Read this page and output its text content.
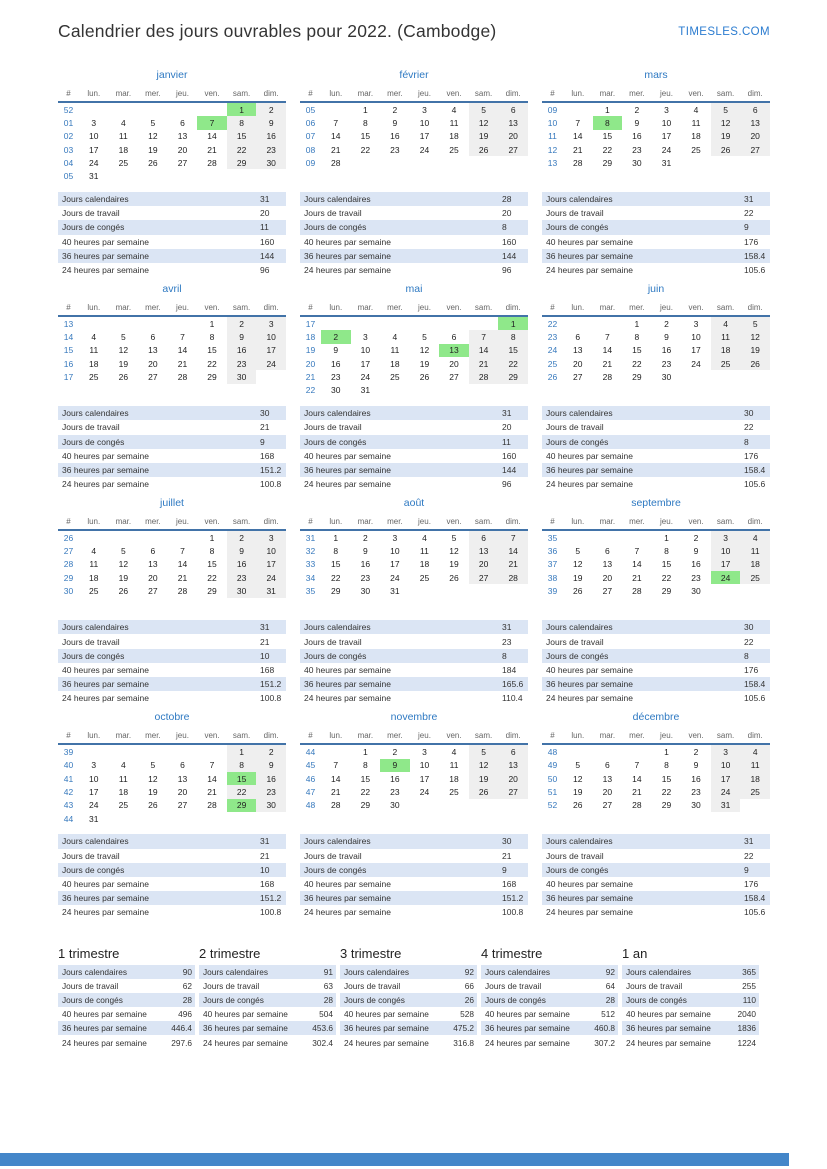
Calendrier des jours ouvrables pour 2022. (Cambodge)	TIMESLES.COM
janvier
#	lun.	mar.	mer.	jeu.	ven.	sam.	dim.
52						1	2
01	3	4	5	6	7	8	9
02	10	11	12	13	14	15	16
03	17	18	19	20	21	22	23
04	24	25	26	27	28	29	30
05	31						
Jours calendaires	31
Jours de travail	20
Jours de congés	11
40 heures par semaine	160
36 heures par semaine	144
24 heures par semaine	96
février
#	lun.	mar.	mer.	jeu.	ven.	sam.	dim.
05		1	2	3	4	5	6
06	7	8	9	10	11	12	13
07	14	15	16	17	18	19	20
08	21	22	23	24	25	26	27
09	28						
Jours calendaires	28
Jours de travail	20
Jours de congés	8
40 heures par semaine	160
36 heures par semaine	144
24 heures par semaine	96
mars
#	lun.	mar.	mer.	jeu.	ven.	sam.	dim.
09		1	2	3	4	5	6
10	7	8	9	10	11	12	13
11	14	15	16	17	18	19	20
12	21	22	23	24	25	26	27
13	28	29	30	31			
Jours calendaires	31
Jours de travail	22
Jours de congés	9
40 heures par semaine	176
36 heures par semaine	158.4
24 heures par semaine	105.6
avril
#	lun.	mar.	mer.	jeu.	ven.	sam.	dim.
13					1	2	3
14	4	5	6	7	8	9	10
15	11	12	13	14	15	16	17
16	18	19	20	21	22	23	24
17	25	26	27	28	29	30	
Jours calendaires	30
Jours de travail	21
Jours de congés	9
40 heures par semaine	168
36 heures par semaine	151.2
24 heures par semaine	100.8
mai
#	lun.	mar.	mer.	jeu.	ven.	sam.	dim.
17							1
18	2	3	4	5	6	7	8
19	9	10	11	12	13	14	15
20	16	17	18	19	20	21	22
21	23	24	25	26	27	28	29
22	30	31					
Jours calendaires	31
Jours de travail	20
Jours de congés	11
40 heures par semaine	160
36 heures par semaine	144
24 heures par semaine	96
juin
#	lun.	mar.	mer.	jeu.	ven.	sam.	dim.
22			1	2	3	4	5
23	6	7	8	9	10	11	12
24	13	14	15	16	17	18	19
25	20	21	22	23	24	25	26
26	27	28	29	30			
Jours calendaires	30
Jours de travail	22
Jours de congés	8
40 heures par semaine	176
36 heures par semaine	158.4
24 heures par semaine	105.6
juillet
#	lun.	mar.	mer.	jeu.	ven.	sam.	dim.
26					1	2	3
27	4	5	6	7	8	9	10
28	11	12	13	14	15	16	17
29	18	19	20	21	22	23	24
30	25	26	27	28	29	30	31
Jours calendaires	31
Jours de travail	21
Jours de congés	10
40 heures par semaine	168
36 heures par semaine	151.2
24 heures par semaine	100.8
août
#	lun.	mar.	mer.	jeu.	ven.	sam.	dim.
31	1	2	3	4	5	6	7
32	8	9	10	11	12	13	14
33	15	16	17	18	19	20	21
34	22	23	24	25	26	27	28
35	29	30	31				
Jours calendaires	31
Jours de travail	23
Jours de congés	8
40 heures par semaine	184
36 heures par semaine	165.6
24 heures par semaine	110.4
septembre
#	lun.	mar.	mer.	jeu.	ven.	sam.	dim.
35				1	2	3	4
36	5	6	7	8	9	10	11
37	12	13	14	15	16	17	18
38	19	20	21	22	23	24	25
39	26	27	28	29	30		
Jours calendaires	30
Jours de travail	22
Jours de congés	8
40 heures par semaine	176
36 heures par semaine	158.4
24 heures par semaine	105.6
octobre
#	lun.	mar.	mer.	jeu.	ven.	sam.	dim.
39						1	2
40	3	4	5	6	7	8	9
41	10	11	12	13	14	15	16
42	17	18	19	20	21	22	23
43	24	25	26	27	28	29	30
44	31						
Jours calendaires	31
Jours de travail	21
Jours de congés	10
40 heures par semaine	168
36 heures par semaine	151.2
24 heures par semaine	100.8
novembre
#	lun.	mar.	mer.	jeu.	ven.	sam.	dim.
44		1	2	3	4	5	6
45	7	8	9	10	11	12	13
46	14	15	16	17	18	19	20
47	21	22	23	24	25	26	27
48	28	29	30				
Jours calendaires	30
Jours de travail	21
Jours de congés	9
40 heures par semaine	168
36 heures par semaine	151.2
24 heures par semaine	100.8
décembre
#	lun.	mar.	mer.	jeu.	ven.	sam.	dim.
48				1	2	3	4
49	5	6	7	8	9	10	11
50	12	13	14	15	16	17	18
51	19	20	21	22	23	24	25
52	26	27	28	29	30	31	
Jours calendaires	31
Jours de travail	22
Jours de congés	9
40 heures par semaine	176
36 heures par semaine	158.4
24 heures par semaine	105.6
1 trimestre
Jours calendaires	90
Jours de travail	62
Jours de congés	28
40 heures par semaine	496
36 heures par semaine	446.4
24 heures par semaine	297.6
2 trimestre
Jours calendaires	91
Jours de travail	63
Jours de congés	28
40 heures par semaine	504
36 heures par semaine	453.6
24 heures par semaine	302.4
3 trimestre
Jours calendaires	92
Jours de travail	66
Jours de congés	26
40 heures par semaine	528
36 heures par semaine	475.2
24 heures par semaine	316.8
4 trimestre
Jours calendaires	92
Jours de travail	64
Jours de congés	28
40 heures par semaine	512
36 heures par semaine	460.8
24 heures par semaine	307.2
1 an
Jours calendaires	365
Jours de travail	255
Jours de congés	110
40 heures par semaine	2040
36 heures par semaine	1836
24 heures par semaine	1224
